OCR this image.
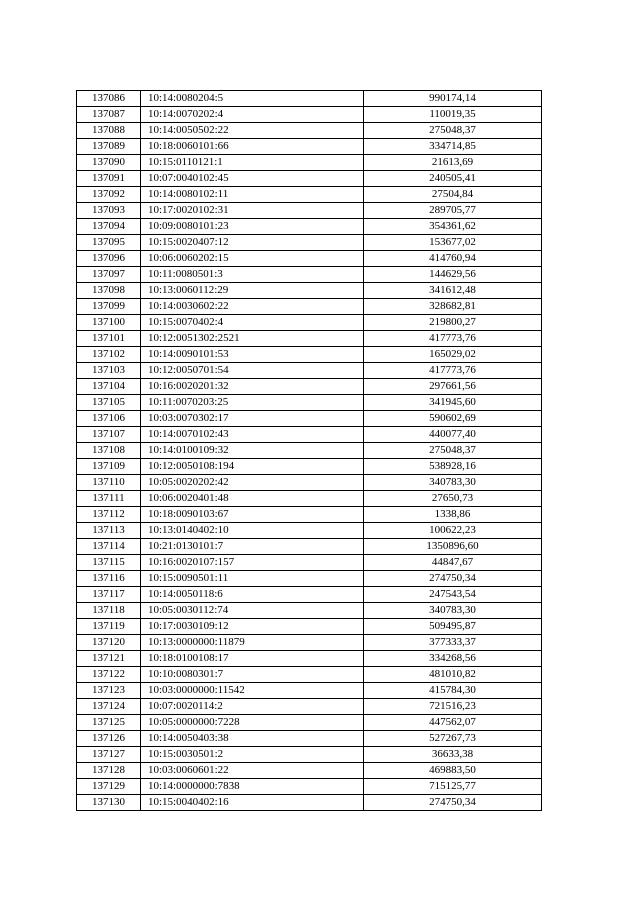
137086	10:14:0080204:5	990174,14
137087	10:14:0070202:4	110019,35
137088	10:14:0050502:22	275048,37
137089	10:18:0060101:66	334714,85
137090	10:15:0110121:1	21613,69
137091	10:07:0040102:45	240505,41
137092	10:14:0080102:11	27504,84
137093	10:17:0020102:31	289705,77
137094	10:09:0080101:23	354361,62
137095	10:15:0020407:12	153677,02
137096	10:06:0060202:15	414760,94
137097	10:11:0080501:3	144629,56
137098	10:13:0060112:29	341612,48
137099	10:14:0030602:22	328682,81
137100	10:15:0070402:4	219800,27
137101	10:12:0051302:2521	417773,76
137102	10:14:0090101:53	165029,02
137103	10:12:0050701:54	417773,76
137104	10:16:0020201:32	297661,56
137105	10:11:0070203:25	341945,60
137106	10:03:0070302:17	590602,69
137107	10:14:0070102:43	440077,40
137108	10:14:0100109:32	275048,37
137109	10:12:0050108:194	538928,16
137110	10:05:0020202:42	340783,30
137111	10:06:0020401:48	27650,73
137112	10:18:0090103:67	1338,86
137113	10:13:0140402:10	100622,23
137114	10:21:0130101:7	1350896,60
137115	10:16:0020107:157	44847,67
137116	10:15:0090501:11	274750,34
137117	10:14:0050118:6	247543,54
137118	10:05:0030112:74	340783,30
137119	10:17:0030109:12	509495,87
137120	10:13:0000000:11879	377333,37
137121	10:18:0100108:17	334268,56
137122	10:10:0080301:7	481010,82
137123	10:03:0000000:11542	415784,30
137124	10:07:0020114:2	721516,23
137125	10:05:0000000:7228	447562,07
137126	10:14:0050403:38	527267,73
137127	10:15:0030501:2	36633,38
137128	10:03:0060601:22	469883,50
137129	10:14:0000000:7838	715125,77
137130	10:15:0040402:16	274750,34
